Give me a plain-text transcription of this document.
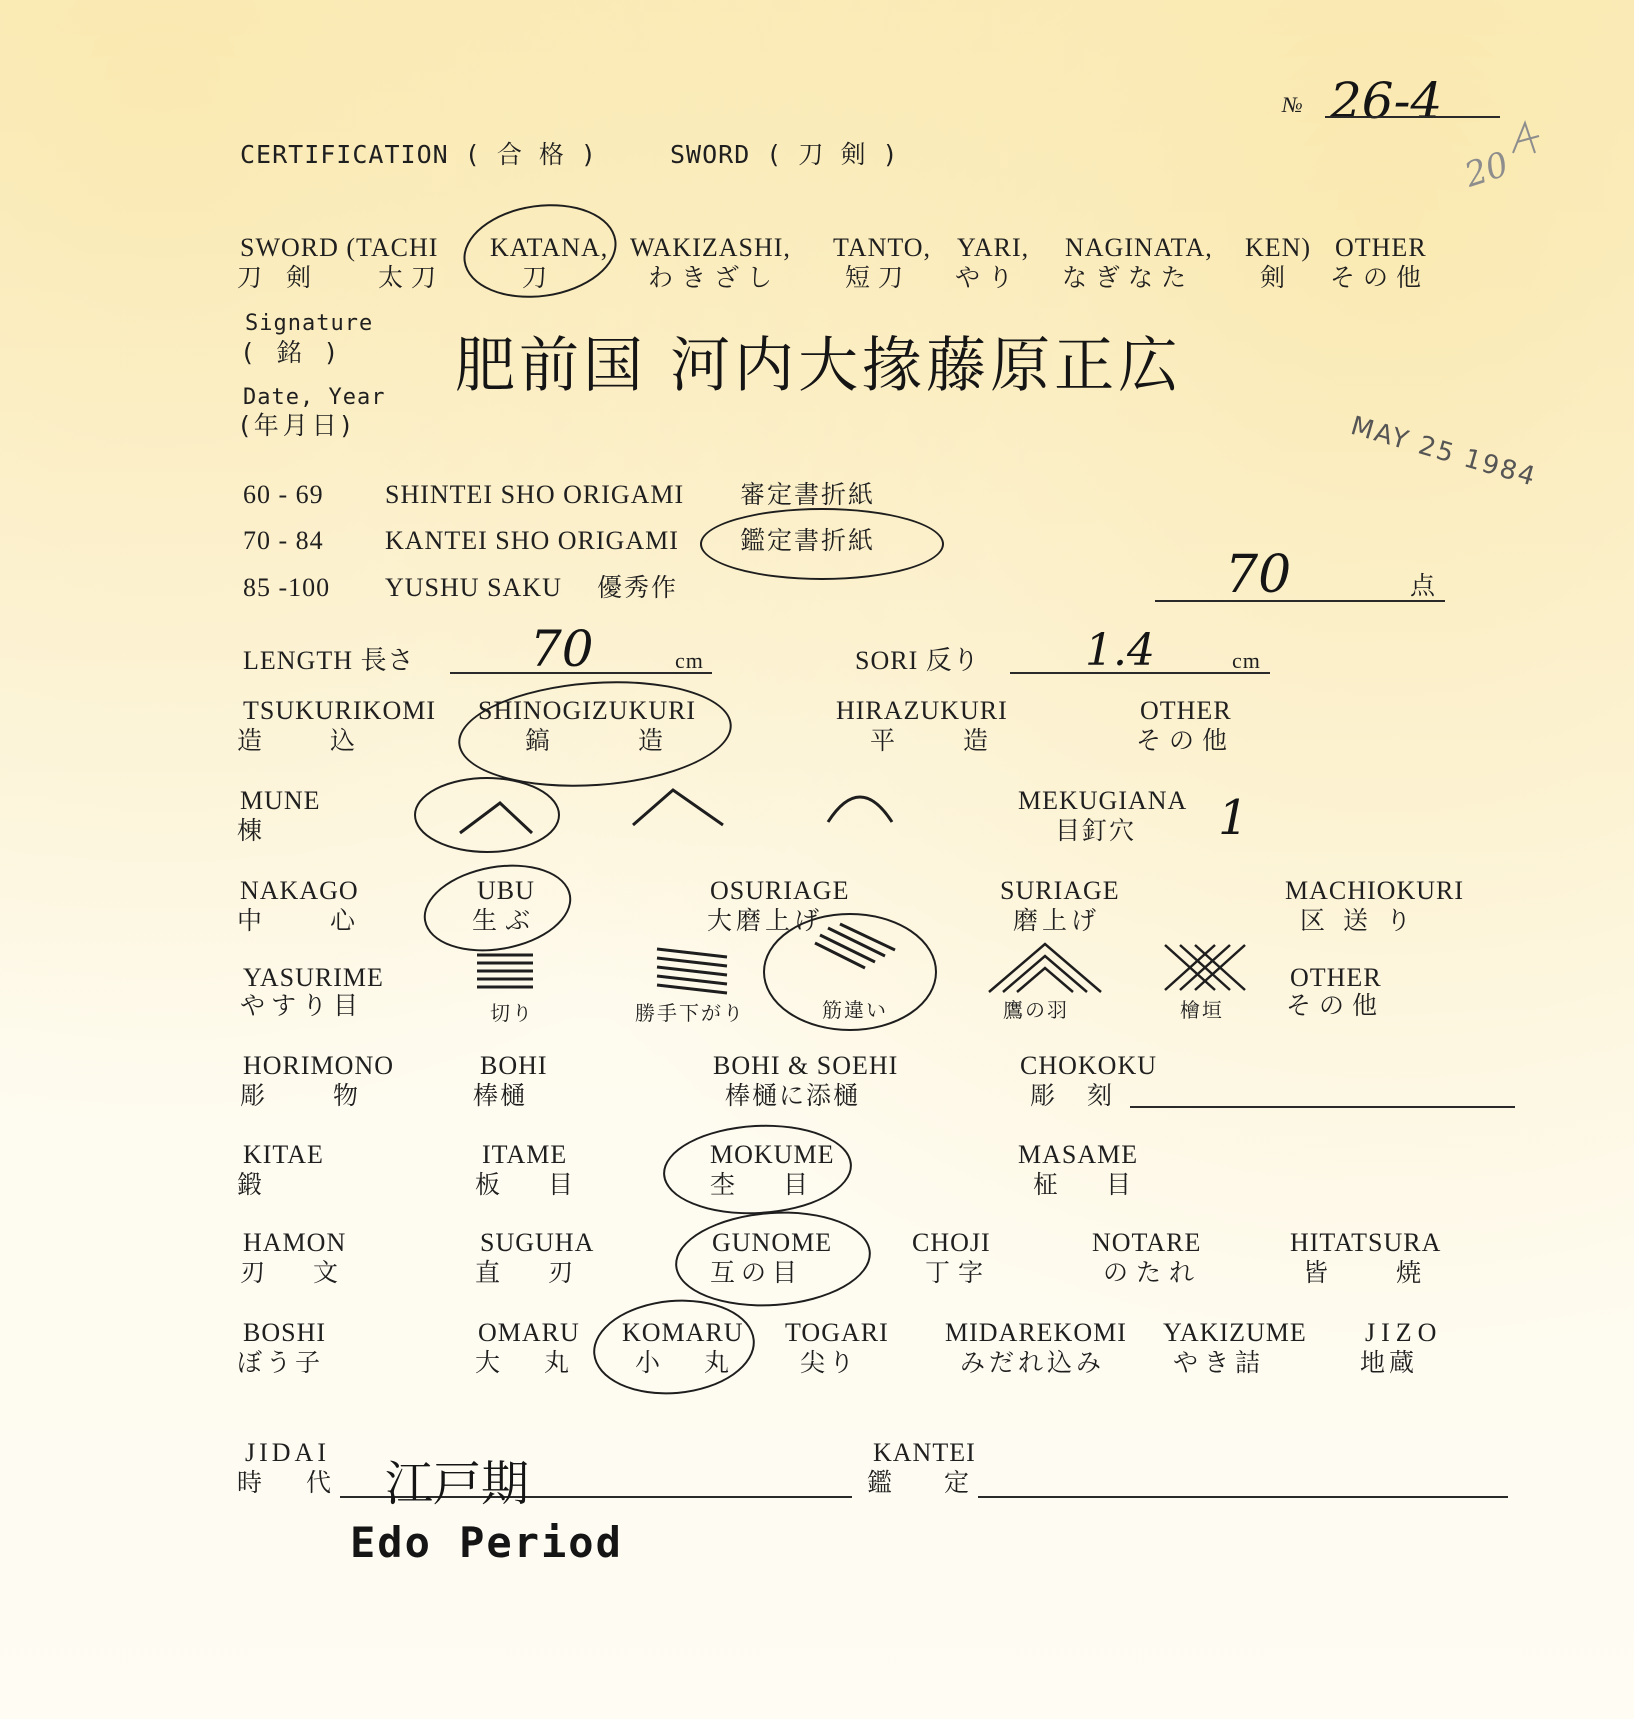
№ 26-4
20
CERTIFICATION ( 合 格 )	SWORD ( 刀 剣 )
SWORD (TACHI
刀 剣 太刀
KATANA,
刀
WAKIZASHI,
わきざし
TANTO,
短刀
YARI,
やり
NAGINATA,
なぎなた
KEN)
剣
OTHER
その他
Signature
( 銘 ) 肥前国 河内大掾藤原正広
Date, Year
(年月日)	MAY 25 1984
60 - 69 SHINTEI SHO ORIGAMI 審定書折紙
70 - 84 KANTEI SHO ORIGAMI 鑑定書折紙
85 -100 YUSHU SAKU 優秀作	70	点
LENGTH 長さ 70	cm	SORI 反り 1.4	cm
TSUKURIKOMI
造 込
SHINOGIZUKURI
鎬 造
HIRAZUKURI
平 造
OTHER
その他
MUNE
棟
MEKUGIANA
目釘穴 1
NAKAGO
中 心
UBU
生ぶ
OSURIAGE
大磨上げ
SURIAGE
磨上げ
MACHIOKURI
区送り
YASURIME
やすり目	切り	勝手下がり	筋違い	鷹の羽	檜垣
OTHER
その他
HORIMONO
彫 物
BOHI
棒樋
BOHI & SOEHI
棒樋に添樋
CHOKOKU
彫 刻
KITAE
鍛
ITAME
板 目
MOKUME
杢 目
MASAME
柾 目
HAMON
刃 文
SUGUHA
直 刃
GUNOME
互の目
CHOJI
丁字
NOTARE
のたれ
HITATSURA
皆 焼
BOSHI
ぼう子
OMARU
大 丸
KOMARU
小 丸
TOGARI
尖り
MIDAREKOMI
みだれ込み
YAKIZUME
やき詰
JIZO
地蔵
JIDAI
時 代 江戸期
Edo Period
KANTEI
鑑 定
